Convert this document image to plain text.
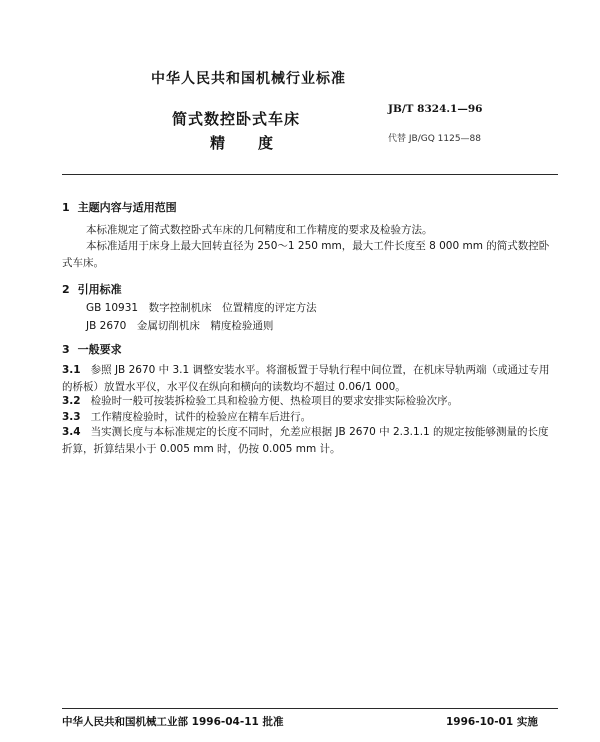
中华人民共和国机械行业标准
JB/T 8324.1—96
简式数控卧式车床
代替 JB/GQ 1125—88
精　　度
1 主题内容与适用范围
本标准规定了简式数控卧式车床的几何精度和工作精度的要求及检验方法。
本标准适用于床身上最大回转直径为 250～1 250 mm，最大工件长度至 8 000 mm 的简式数控卧式车床。
2 引用标准
GB 10931　数字控制机床　位置精度的评定方法
JB 2670　金属切削机床　精度检验通则
3 一般要求
3.1 参照 JB 2670 中 3.1 调整安装水平。将溜板置于导轨行程中间位置，在机床导轨两端（或通过专用的桥板）放置水平仪，水平仪在纵向和横向的读数均不超过 0.06/1 000。
3.2 检验时一般可按装拆检验工具和检验方便、热检项目的要求安排实际检验次序。
3.3 工作精度检验时，试件的检验应在精车后进行。
3.4 当实测长度与本标准规定的长度不同时，允差应根据 JB 2670 中 2.3.1.1 的规定按能够测量的长度折算，折算结果小于 0.005 mm 时，仍按 0.005 mm 计。
中华人民共和国机械工业部 1996-04-11 批准	1996-10-01 实施
